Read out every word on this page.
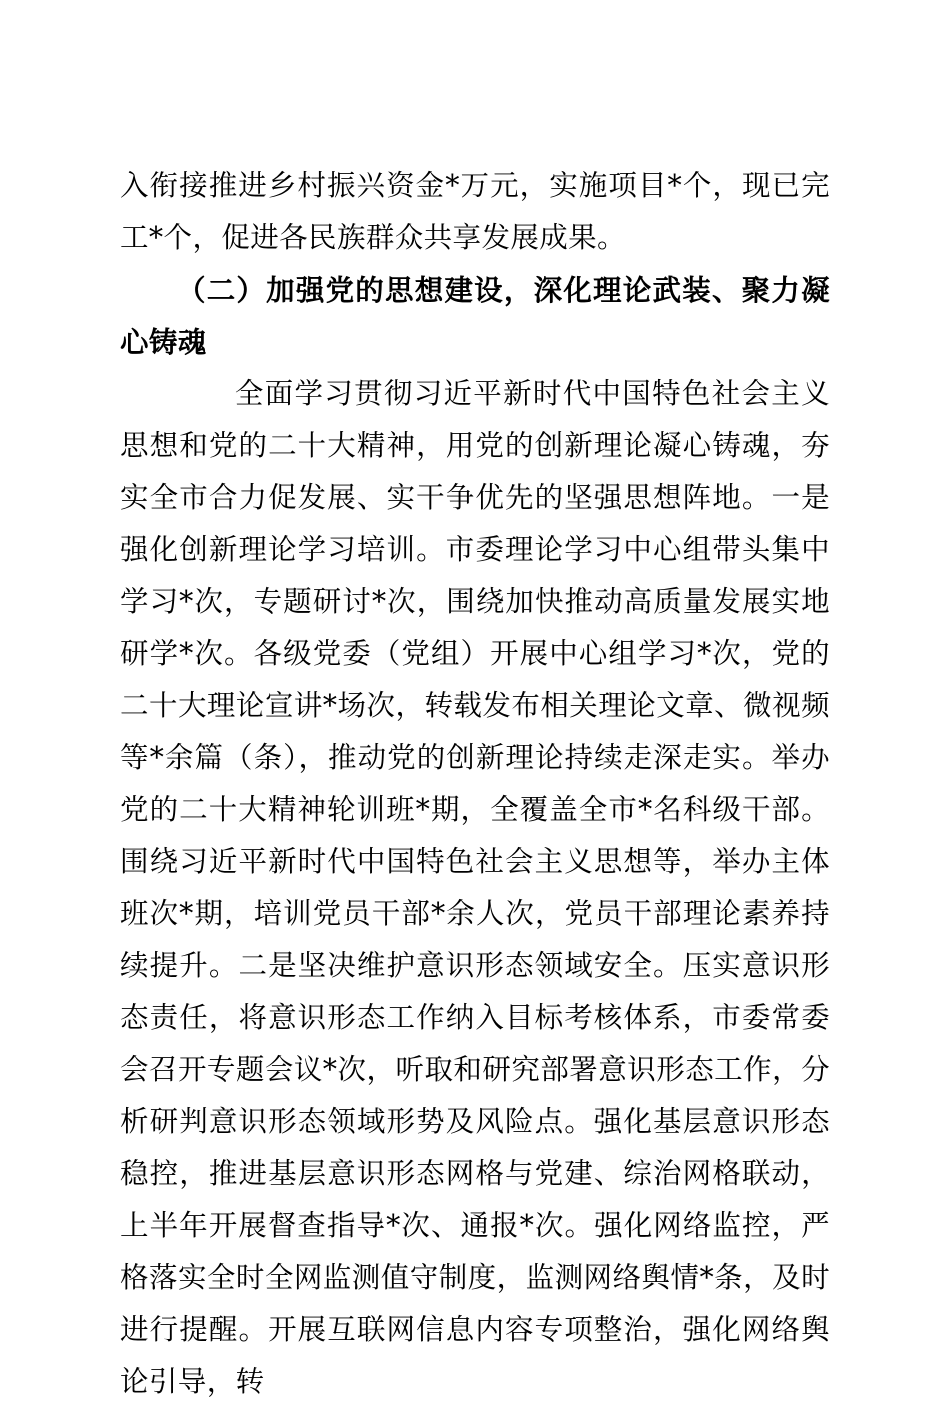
入衔接推进乡村振兴资金*万元，实施项目*个，现已完工*个，促进各民族群众共享发展成果。

（二）加强党的思想建设，深化理论武装、聚力凝心铸魂

全面学习贯彻习近平新时代中国特色社会主义思想和党的二十大精神，用党的创新理论凝心铸魂，夯实全市合力促发展、实干争优先的坚强思想阵地。一是强化创新理论学习培训。市委理论学习中心组带头集中学习*次，专题研讨*次，围绕加快推动高质量发展实地研学*次。各级党委（党组）开展中心组学习*次，党的二十大理论宣讲*场次，转载发布相关理论文章、微视频等*余篇（条），推动党的创新理论持续走深走实。举办党的二十大精神轮训班*期，全覆盖全市*名科级干部。围绕习近平新时代中国特色社会主义思想等，举办主体班次*期，培训党员干部*余人次，党员干部理论素养持续提升。二是坚决维护意识形态领域安全。压实意识形态责任，将意识形态工作纳入目标考核体系，市委常委会召开专题会议*次，听取和研究部署意识形态工作，分析研判意识形态领域形势及风险点。强化基层意识形态稳控，推进基层意识形态网格与党建、综治网格联动，上半年开展督查指导*次、通报*次。强化网络监控，严格落实全时全网监测值守制度，监测网络舆情*条，及时进行提醒。开展互联网信息内容专项整治，强化网络舆论引导，转
